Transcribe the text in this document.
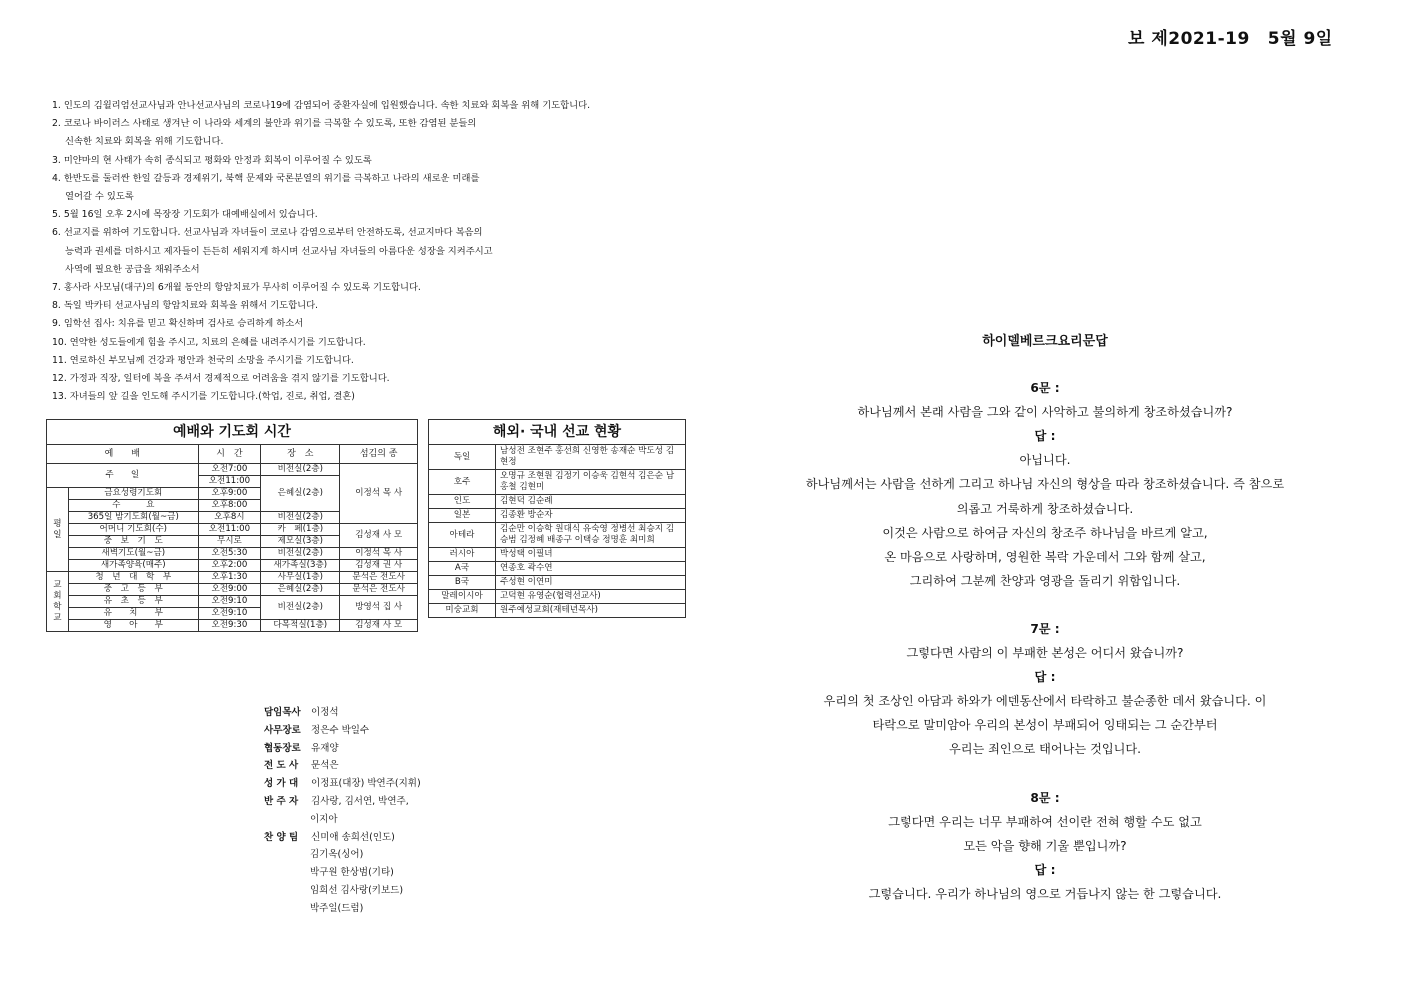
보 제2021-19 5월 9일
1. 인도의 김윌리엄선교사님과 안나선교사님의 코로나19에 감염되어 중환자실에 입원했습니다. 속한 치료와 회복을 위해 기도합니다.
2. 코로나 바이러스 사태로 생겨난 이 나라와 세계의 불안과 위기를 극복할 수 있도록, 또한 감염된 분들의
신속한 치료와 회복을 위해 기도합니다.
3. 미얀마의 현 사태가 속히 종식되고 평화와 안정과 회복이 이루어질 수 있도록
4. 한반도를 둘러싼 한일 갈등과 경제위기, 북핵 문제와 국론분열의 위기를 극복하고 나라의 새로운 미래를
열어갈 수 있도록
5. 5월 16일 오후 2시에 목장장 기도회가 대예배실에서 있습니다.
6. 선교지를 위하여 기도합니다. 선교사님과 자녀들이 코로나 감염으로부터 안전하도록, 선교지마다 복음의
능력과 권세를 더하시고 제자들이 든든히 세워지게 하시며 선교사님 자녀들의 아름다운 성장을 지켜주시고
사역에 필요한 공급을 채워주소서
7. 홍사라 사모님(대구)의 6개월 동안의 항암치료가 무사히 이루어질 수 있도록 기도합니다.
8. 독일 박카티 선교사님의 항암치료와 회복을 위해서 기도합니다.
9. 임학선 집사: 치유를 믿고 확신하며 검사로 승리하게 하소서
10. 연약한 성도들에게 힘을 주시고, 치료의 은혜를 내려주시기를 기도합니다.
11. 연로하신 부모님께 건강과 평안과 천국의 소망을 주시기를 기도합니다.
12. 가정과 직장, 일터에 복을 주셔서 경제적으로 어려움을 겪지 않기를 기도합니다.
13. 자녀들의 앞 길을 인도해 주시기를 기도합니다.(학업, 진로, 취업, 결혼)
예배와 기도회 시간				
예　　배		시　간	장　소	섬김의 종
주　　일		오전7:00	비전실(2층)	이정석 목 사
		오전11:00	은혜실(2층)	
평　일	금요성령기도회	오후9:00		
	수　　　요	오후8:00		
	365일 밤기도회(월~금)	오후8시	비전실(2층)	
	어머니 기도회(수)	오전11:00	카　페(1층)	김성재 사 모
	중　보　기　도	무시로	제모실(3층)	
	새벽기도(월~금)	오전5:30	비전실(2층)	이정석 목 사
	새가족양육(매주)	오후2:00	새가족실(3층)	김성재 권 사
교　회　학　교	청　년　대　학　부	오후1:30	사무실(1층)	문석은 전도사
	중　고　등　부	오전9:00	은혜실(2층)	문석은 전도사
	유　초　등　부	오전9:10	비전실(2층)	방영석 집 사
	유　　치　　부	오전9:10		
	영　　아　　부	오전9:30	다목적실(1층)	김성재 사 모
해외· 국내 선교 현황	
독일	남성전 조현주 홍선희 신영한 송재순 박도성 김현정
호주	오명규 조현원 김정기 이승욱 김현석 김은순 남홍철 김현미
인도	김현덕 김순례
일본	김종환 방순자
아테라	김순만 이승학 원대식 유숙영 정병선 최승지 김승범 김정혜 배종구 이택승 정명훈 최미희
러시아	박성택 이필녀
A국	연종호 곽수연
B국	주성현 이연미
말레이시아	고덕현 유영순(협력선교사)
미숭교회	원주예성교회(재테년목사)
담임목사 이정석
사무장로 정은수 박일수
협동장로 유재양
전 도 사 문석은
성 가 대 이정표(대장) 박연주(지휘)
반 주 자 김사랑, 김서연, 박연주,
이지아
찬 양 팀 신미애 송희선(인도)
김기옥(싱어)
박구원 한상범(기타)
임희선 김사랑(키보드)
박주일(드럼)
하이델베르크요리문답
6문 :
하나님께서 본래 사람을 그와 같이 사악하고 불의하게 창조하셨습니까?
답 :
아닙니다.
하나님께서는 사람을 선하게 그리고 하나님 자신의 형상을 따라 창조하셨습니다. 즉 참으로
의롭고 거룩하게 창조하셨습니다.
이것은 사람으로 하여금 자신의 창조주 하나님을 바르게 알고,
온 마음으로 사랑하며, 영원한 복락 가운데서 그와 함께 살고,
그리하여 그분께 찬양과 영광을 돌리기 위함입니다.
7문 :
그렇다면 사람의 이 부패한 본성은 어디서 왔습니까?
답 :
우리의 첫 조상인 아담과 하와가 에덴동산에서 타락하고 불순종한 데서 왔습니다. 이
타락으로 말미암아 우리의 본성이 부패되어 잉태되는 그 순간부터
우리는 죄인으로 태어나는 것입니다.
8문 :
그렇다면 우리는 너무 부패하여 선이란 전혀 행할 수도 없고
모든 악을 향해 기울 뿐입니까?
답 :
그렇습니다. 우리가 하나님의 영으로 거듭나지 않는 한 그렇습니다.
